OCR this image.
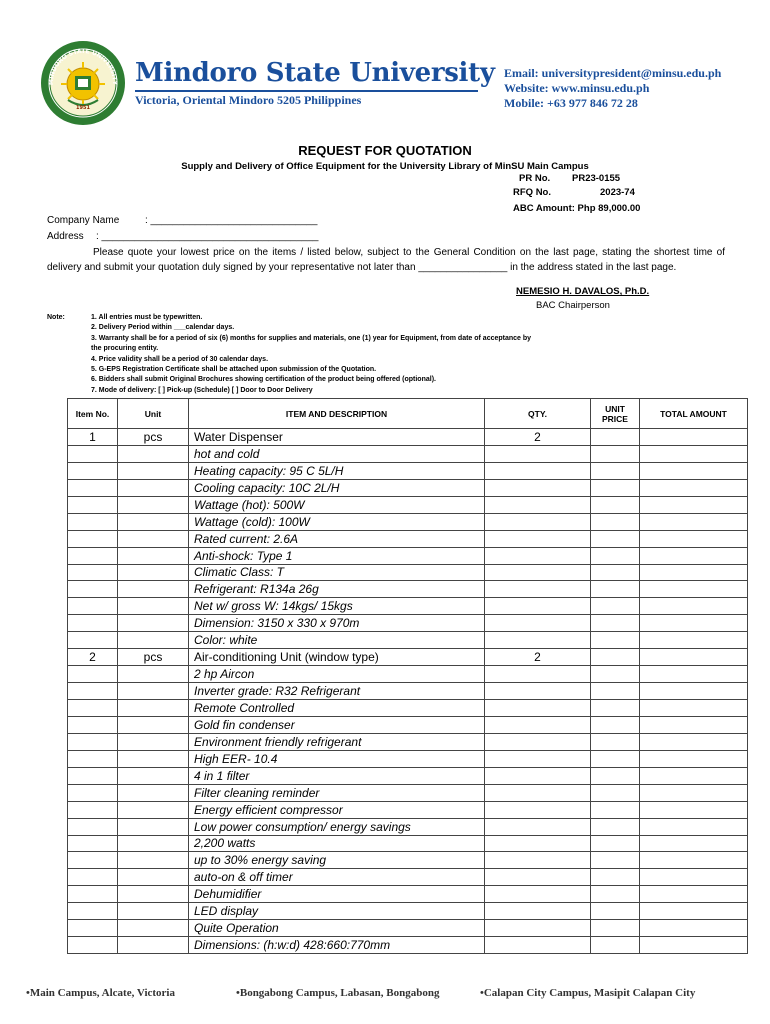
MINDORO STATE UNIVERSITY
1951
Mindoro State University
Victoria, Oriental Mindoro 5205 Philippines
Email: universitypresident@minsu.edu.ph
Website: www.minsu.edu.ph
Mobile: +63 977 846 72 28
REQUEST FOR QUOTATION
Supply and Delivery of Office Equipment for the University Library of MinSU Main Campus
PR No. PR23-0155
RFQ No.	2023-74
ABC Amount: Php 89,000.00
Company Name	: ______________________________
Address : _______________________________________
Please quote your lowest price on the items / listed below, subject to the General Condition on the last page, stating the shortest time of delivery and submit your quotation duly signed by your representative not later than ________________ in the address stated in the last page.
NEMESIO H. DAVALOS, Ph.D.
BAC Chairperson
Note:	1. All entries must be typewritten.
2. Delivery Period within ___calendar days.
3. Warranty shall be for a period of six (6) months for supplies and materials, one (1) year for Equipment, from date of acceptance by the procuring entity.
4. Price validity shall be a period of 30 calendar days.
5. G-EPS Registration Certificate shall be attached upon submission of the Quotation.
6. Bidders shall submit Original Brochures showing certification of the product being offered (optional).
7. Mode of delivery: [ ] Pick-up (Schedule) [ ] Door to Door Delivery
Item No.	Unit	ITEM AND DESCRIPTION	QTY.	UNIT PRICE	TOTAL AMOUNT
1	pcs	Water Dispenser	2		
		hot and cold			
		Heating capacity: 95 C 5L/H			
		Cooling capacity: 10C 2L/H			
		Wattage (hot): 500W			
		Wattage (cold): 100W			
		Rated current: 2.6A			
		Anti-shock: Type 1			
		Climatic Class: T			
		Refrigerant: R134a 26g			
		Net w/ gross W: 14kgs/ 15kgs			
		Dimension: 3150 x 330 x 970m			
		Color: white			
2	pcs	Air-conditioning Unit (window type)	2		
		2 hp Aircon			
		Inverter grade: R32 Refrigerant			
		Remote Controlled			
		Gold fin condenser			
		Environment friendly refrigerant			
		High EER- 10.4			
		4 in 1 filter			
		Filter cleaning reminder			
		Energy efficient compressor			
		Low power consumption/ energy savings			
		2,200 watts			
		up to 30% energy saving			
		auto-on & off timer			
		Dehumidifier			
		LED display			
		Quite Operation			
		Dimensions: (h:w:d) 428:660:770mm			
•Main Campus, Alcate, Victoria	•Bongabong Campus, Labasan, Bongabong	•Calapan City Campus, Masipit Calapan City
